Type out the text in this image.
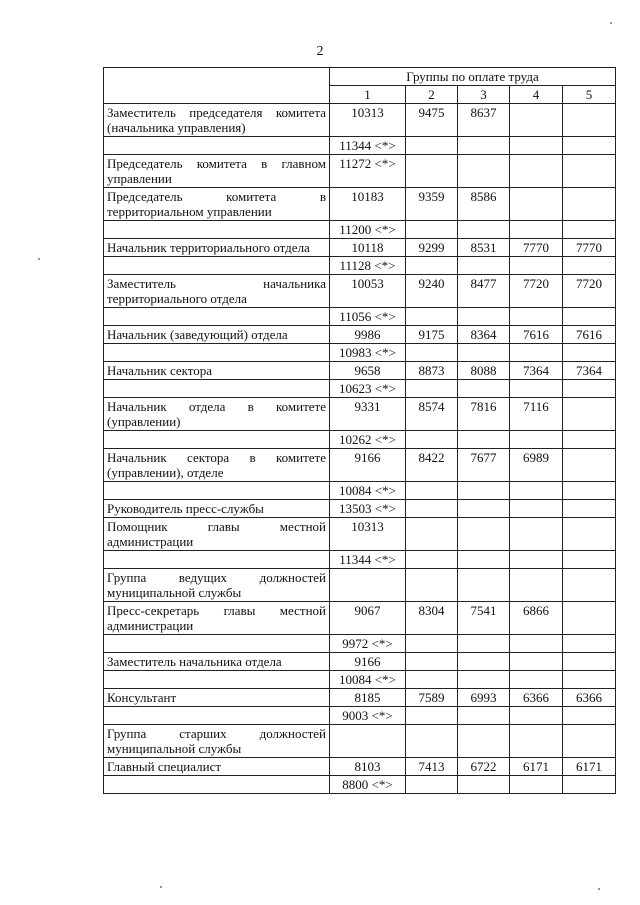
2
	Группы по оплате труда				
	1	2	3	4	5
Заместитель председателя комитета (начальника управления)	10313	9475	8637		
	11344 <*>				
Председатель комитета в главном управлении	11272 <*>				
Председатель комитета в территориальном управлении	10183	9359	8586		
	11200 <*>				
Начальник территориального отдела	10118	9299	8531	7770	7770
	11128 <*>				
Заместитель начальника территориального отдела	10053	9240	8477	7720	7720
	11056 <*>				
Начальник (заведующий) отдела	9986	9175	8364	7616	7616
	10983 <*>				
Начальник сектора	9658	8873	8088	7364	7364
	10623 <*>				
Начальник отдела в комитете (управлении)	9331	8574	7816	7116	
	10262 <*>				
Начальник сектора в комитете (управлении), отделе	9166	8422	7677	6989	
	10084 <*>				
Руководитель пресс-службы	13503 <*>				
Помощник главы местной администрации	10313				
	11344 <*>				
Группа ведущих должностей муниципальной службы					
Пресс-секретарь главы местной администрации	9067	8304	7541	6866	
	9972 <*>				
Заместитель начальника отдела	9166				
	10084 <*>				
Консультант	8185	7589	6993	6366	6366
	9003 <*>				
Группа старших должностей муниципальной службы					
Главный специалист	8103	7413	6722	6171	6171
	8800 <*>				
